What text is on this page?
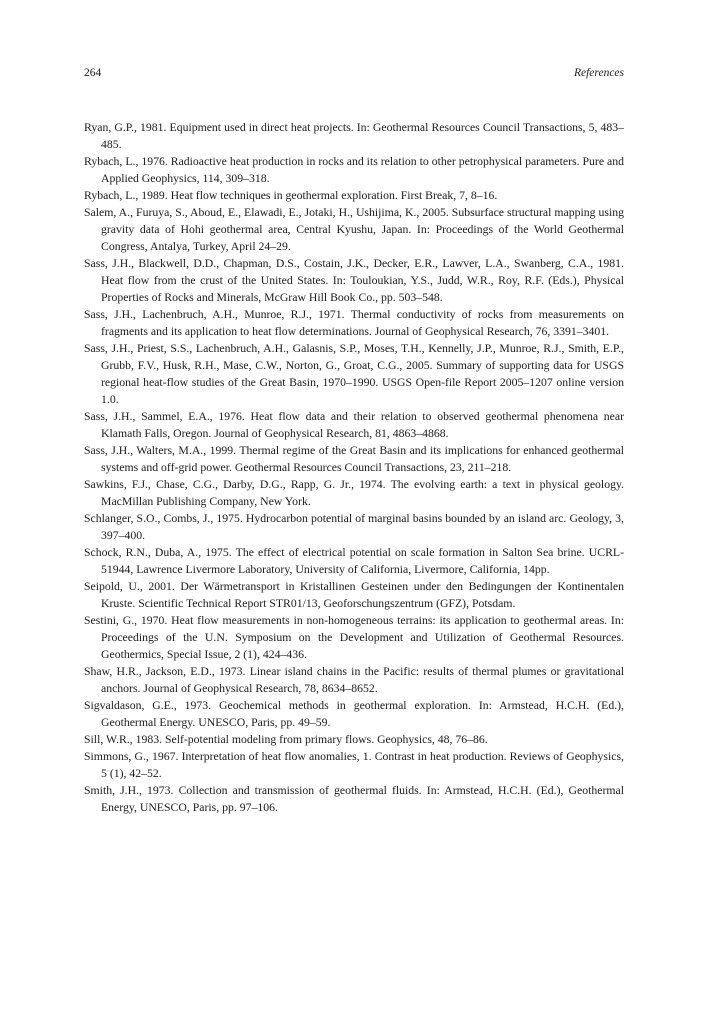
264	References
Ryan, G.P., 1981. Equipment used in direct heat projects. In: Geothermal Resources Council Transactions, 5, 483–485.
Rybach, L., 1976. Radioactive heat production in rocks and its relation to other petrophysical parameters. Pure and Applied Geophysics, 114, 309–318.
Rybach, L., 1989. Heat flow techniques in geothermal exploration. First Break, 7, 8–16.
Salem, A., Furuya, S., Aboud, E., Elawadi, E., Jotaki, H., Ushijima, K., 2005. Subsurface structural mapping using gravity data of Hohi geothermal area, Central Kyushu, Japan. In: Proceedings of the World Geothermal Congress, Antalya, Turkey, April 24–29.
Sass, J.H., Blackwell, D.D., Chapman, D.S., Costain, J.K., Decker, E.R., Lawver, L.A., Swanberg, C.A., 1981. Heat flow from the crust of the United States. In: Touloukian, Y.S., Judd, W.R., Roy, R.F. (Eds.), Physical Properties of Rocks and Minerals, McGraw Hill Book Co., pp. 503–548.
Sass, J.H., Lachenbruch, A.H., Munroe, R.J., 1971. Thermal conductivity of rocks from measurements on fragments and its application to heat flow determinations. Journal of Geophysical Research, 76, 3391–3401.
Sass, J.H., Priest, S.S., Lachenbruch, A.H., Galasnis, S.P., Moses, T.H., Kennelly, J.P., Munroe, R.J., Smith, E.P., Grubb, F.V., Husk, R.H., Mase, C.W., Norton, G., Groat, C.G., 2005. Summary of supporting data for USGS regional heat-flow studies of the Great Basin, 1970–1990. USGS Open-file Report 2005–1207 online version 1.0.
Sass, J.H., Sammel, E.A., 1976. Heat flow data and their relation to observed geothermal phenomena near Klamath Falls, Oregon. Journal of Geophysical Research, 81, 4863–4868.
Sass, J.H., Walters, M.A., 1999. Thermal regime of the Great Basin and its implications for enhanced geothermal systems and off-grid power. Geothermal Resources Council Transactions, 23, 211–218.
Sawkins, F.J., Chase, C.G., Darby, D.G., Rapp, G. Jr., 1974. The evolving earth: a text in physical geology. MacMillan Publishing Company, New York.
Schlanger, S.O., Combs, J., 1975. Hydrocarbon potential of marginal basins bounded by an island arc. Geology, 3, 397–400.
Schock, R.N., Duba, A., 1975. The effect of electrical potential on scale formation in Salton Sea brine. UCRL-51944, Lawrence Livermore Laboratory, University of California, Livermore, California, 14pp.
Seipold, U., 2001. Der Wärmetransport in Kristallinen Gesteinen under den Bedingungen der Kontinentalen Kruste. Scientific Technical Report STR01/13, Geoforschungszentrum (GFZ), Potsdam.
Sestini, G., 1970. Heat flow measurements in non-homogeneous terrains: its application to geothermal areas. In: Proceedings of the U.N. Symposium on the Development and Utilization of Geothermal Resources. Geothermics, Special Issue, 2 (1), 424–436.
Shaw, H.R., Jackson, E.D., 1973. Linear island chains in the Pacific: results of thermal plumes or gravitational anchors. Journal of Geophysical Research, 78, 8634–8652.
Sigvaldason, G.E., 1973. Geochemical methods in geothermal exploration. In: Armstead, H.C.H. (Ed.), Geothermal Energy. UNESCO, Paris, pp. 49–59.
Sill, W.R., 1983. Self-potential modeling from primary flows. Geophysics, 48, 76–86.
Simmons, G., 1967. Interpretation of heat flow anomalies, 1. Contrast in heat production. Reviews of Geophysics, 5 (1), 42–52.
Smith, J.H., 1973. Collection and transmission of geothermal fluids. In: Armstead, H.C.H. (Ed.), Geothermal Energy, UNESCO, Paris, pp. 97–106.
